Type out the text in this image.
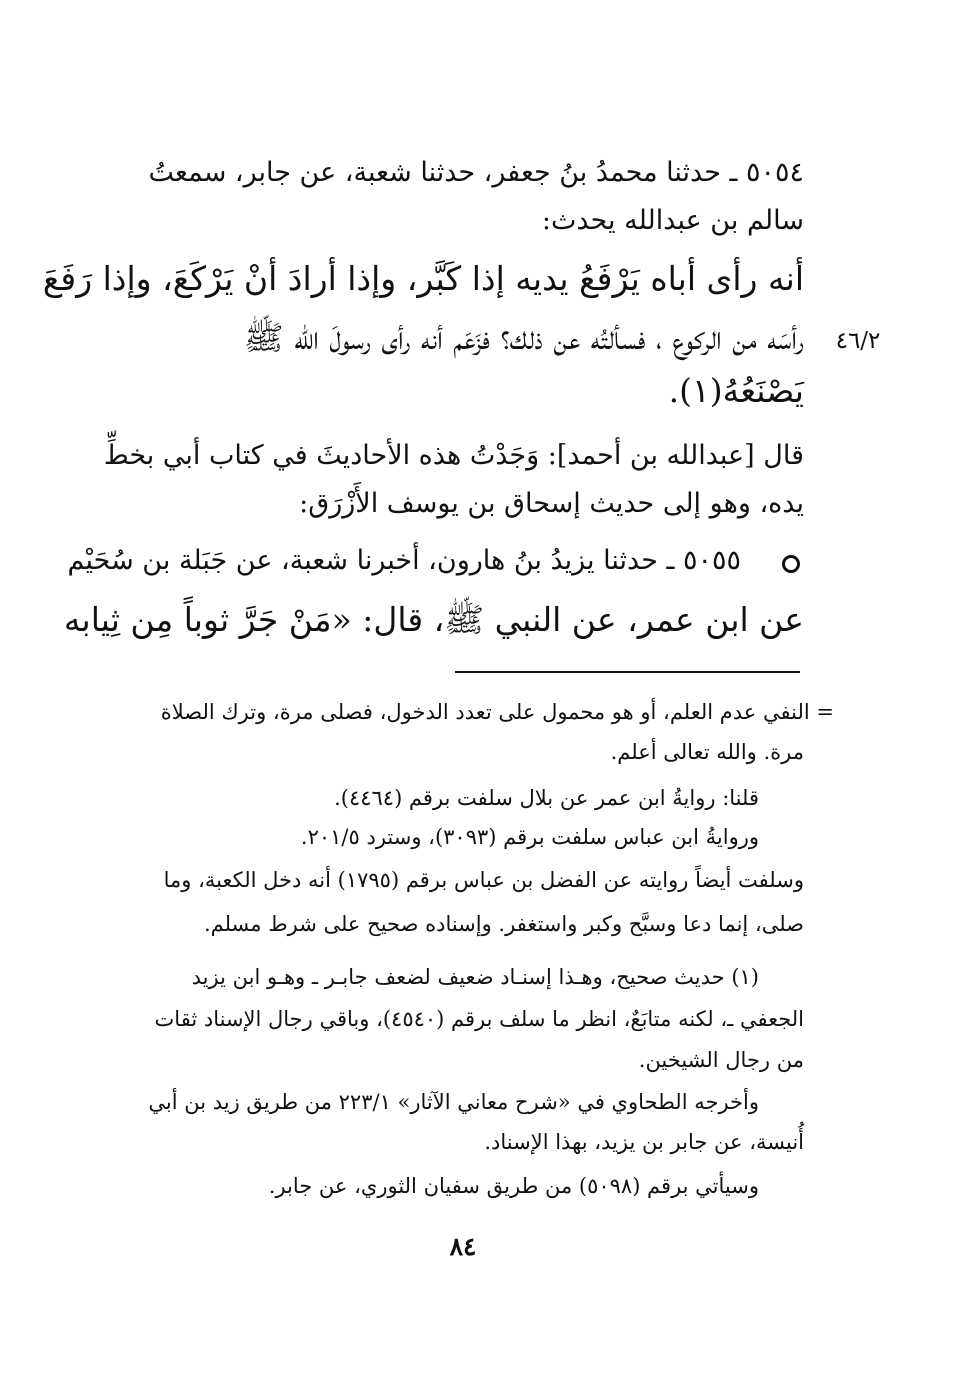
٥٠٥٤ ـ حدثنا محمدُ بنُ جعفر، حدثنا شعبة، عن جابر، سمعتُ
سالم بن عبدالله يحدث:
أنه رأى أباه يَرْفَعُ يديه إذا كَبَّر، وإذا أرادَ أنْ يَرْكَعَ، وإذا رَفَعَ
رأسَه من الركوع ، فسألتُه عن ذلك؟ فزَعَم أنه رأى رسولَ الله ﷺ
يَصْنَعُهُ(١).
٤٦/٢
قال [عبدالله بن أحمد]: وَجَدْتُ هذه الأحاديثَ في كتاب أبي بخطِّ
يده، وهو إلى حديث إسحاق بن يوسف الأَزْرَق:
٥٠٥٥ ـ حدثنا يزيدُ بنُ هارون، أخبرنا شعبة، عن جَبَلة بن سُحَيْم
عن ابن عمر، عن النبي ﷺ، قال: «مَنْ جَرَّ ثوباً مِن ثِيابه
= النفي عدم العلم، أو هو محمول على تعدد الدخول، فصلى مرة، وترك الصلاة
مرة. والله تعالى أعلم.
قلنا: روايةُ ابن عمر عن بلال سلفت برقم (٤٤٦٤).
وروايةُ ابن عباس سلفت برقم (٣٠٩٣)، وسترد ٢٠١/٥.
وسلفت أيضاً روايته عن الفضل بن عباس برقم (١٧٩٥) أنه دخل الكعبة، وما
صلى، إنما دعا وسبَّح وكبر واستغفر. وإسناده صحيح على شرط مسلم.
(١) حديث صحيح، وهـذا إسنـاد ضعيف لضعف جابـر ـ وهـو ابن يزيد
الجعفي ـ، لكنه متابَعٌ، انظر ما سلف برقم (٤٥٤٠)، وباقي رجال الإسناد ثقات
من رجال الشيخين.
وأخرجه الطحاوي في «شرح معاني الآثار» ٢٢٣/١ من طريق زيد بن أبي
أُنيسة، عن جابر بن يزيد، بهذا الإسناد.
وسيأتي برقم (٥٠٩٨) من طريق سفيان الثوري، عن جابر.
٨٤
